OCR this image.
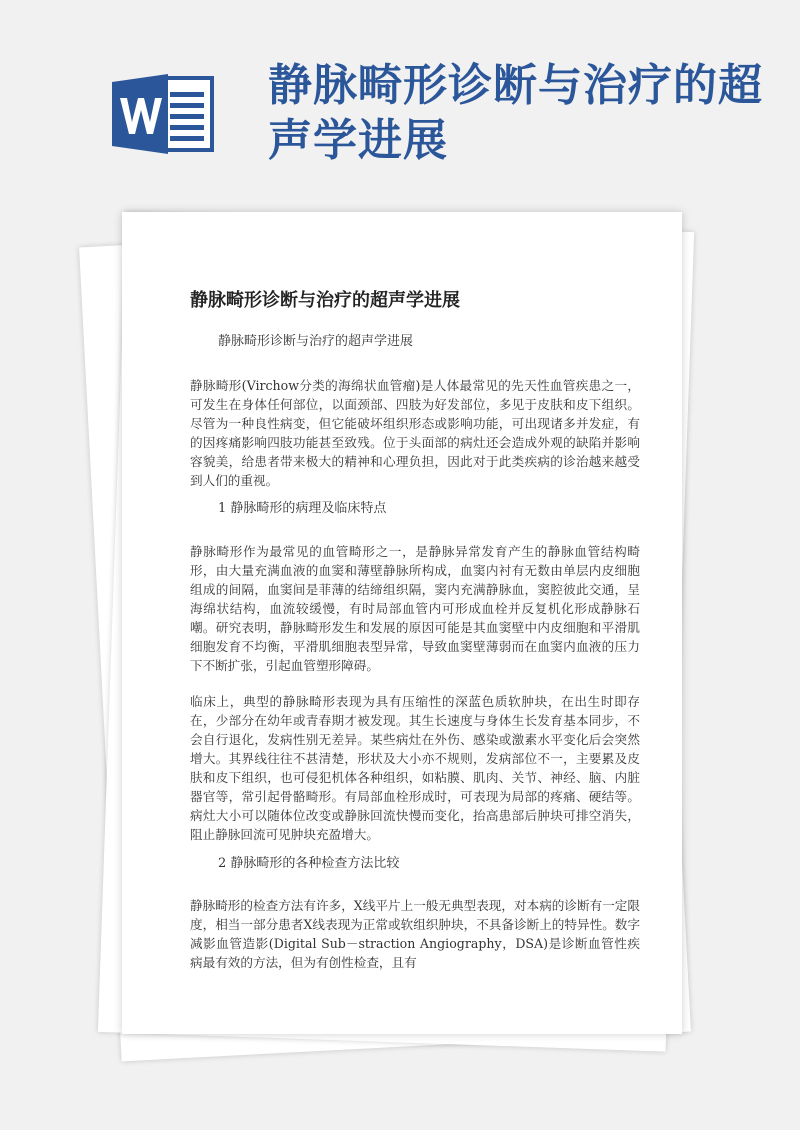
静脉畸形诊断与治疗的超声学进展
静脉畸形诊断与治疗的超声学进展
静脉畸形诊断与治疗的超声学进展

静脉畸形(Virchow分类的海绵状血管瘤)是人体最常见的先天性血管疾患之一，可发生在身体任何部位，以面颈部、四肢为好发部位，多见于皮肤和皮下组织。尽管为一种良性病变，但它能破坏组织形态或影响功能，可出现诸多并发症，有的因疼痛影响四肢功能甚至致残。位于头面部的病灶还会造成外观的缺陷并影响容貌美，给患者带来极大的精神和心理负担，因此对于此类疾病的诊治越来越受到人们的重视。

1 静脉畸形的病理及临床特点

静脉畸形作为最常见的血管畸形之一，是静脉异常发育产生的静脉血管结构畸形，由大量充满血液的血窦和薄壁静脉所构成，血窦内衬有无数由单层内皮细胞组成的间隔，血窦间是菲薄的结缔组织隔，窦内充满静脉血，窦腔彼此交通，呈海绵状结构，血流较缓慢，有时局部血管内可形成血栓并反复机化形成静脉石嘲。研究表明，静脉畸形发生和发展的原因可能是其血窦壁中内皮细胞和平滑肌细胞发育不均衡，平滑肌细胞表型异常，导致血窦壁薄弱而在血窦内血液的压力下不断扩张，引起血管塑形障碍。

临床上，典型的静脉畸形表现为具有压缩性的深蓝色质软肿块，在出生时即存在，少部分在幼年或青春期才被发现。其生长速度与身体生长发育基本同步，不会自行退化，发病性别无差异。某些病灶在外伤、感染或激素水平变化后会突然增大。其界线往往不甚清楚，形状及大小亦不规则，发病部位不一，主要累及皮肤和皮下组织，也可侵犯机体各种组织，如粘膜、肌肉、关节、神经、脑、内脏器官等，常引起骨骼畸形。有局部血栓形成时，可表现为局部的疼痛、硬结等。病灶大小可以随体位改变或静脉回流快慢而变化，抬高患部后肿块可排空消失，阻止静脉回流可见肿块充盈增大。

2 静脉畸形的各种检查方法比较

静脉畸形的检查方法有许多，X线平片上一般无典型表现，对本病的诊断有一定限度，相当一部分患者X线表现为正常或软组织肿块，不具备诊断上的特异性。数字减影血管造影(Digital Sub－straction Angiography，DSA)是诊断血管性疾病最有效的方法，但为有创性检查，且有
